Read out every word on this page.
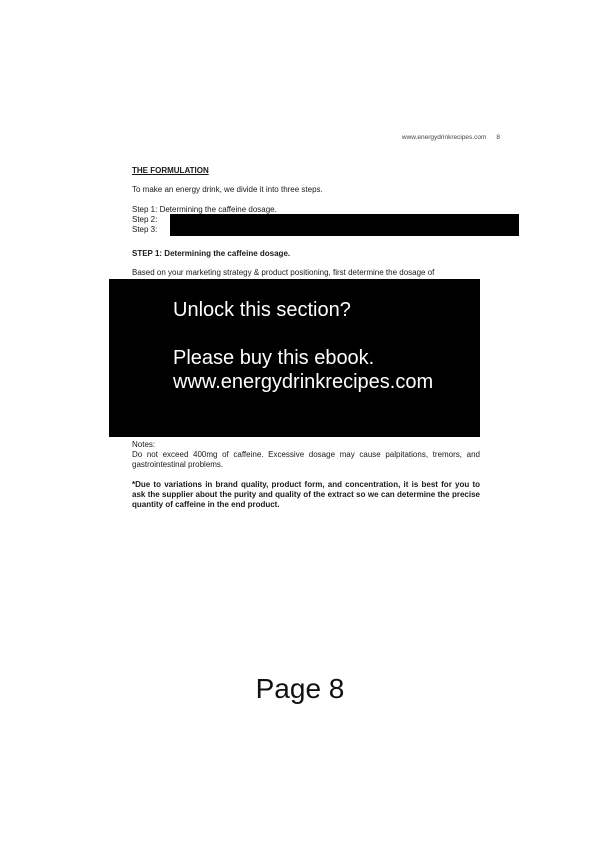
www.energydrinkrecipes.com 8

THE FORMULATION

To make an energy drink, we divide it into three steps.

Step 1: Determining the caffeine dosage.
Step 2:
Step 3:

STEP 1: Determining the caffeine dosage.

Based on your marketing strategy & product positioning, first determine the dosage of

Unlock this section?
Please buy this ebook.
www.energydrinkrecipes.com

Notes:

Do not exceed 400mg of caffeine. Excessive dosage may cause palpitations, tremors, and gastrointestinal problems.

*Due to variations in brand quality, product form, and concentration, it is best for you to ask the supplier about the purity and quality of the extract so we can determine the precise quantity of caffeine in the end product.

Page 8
